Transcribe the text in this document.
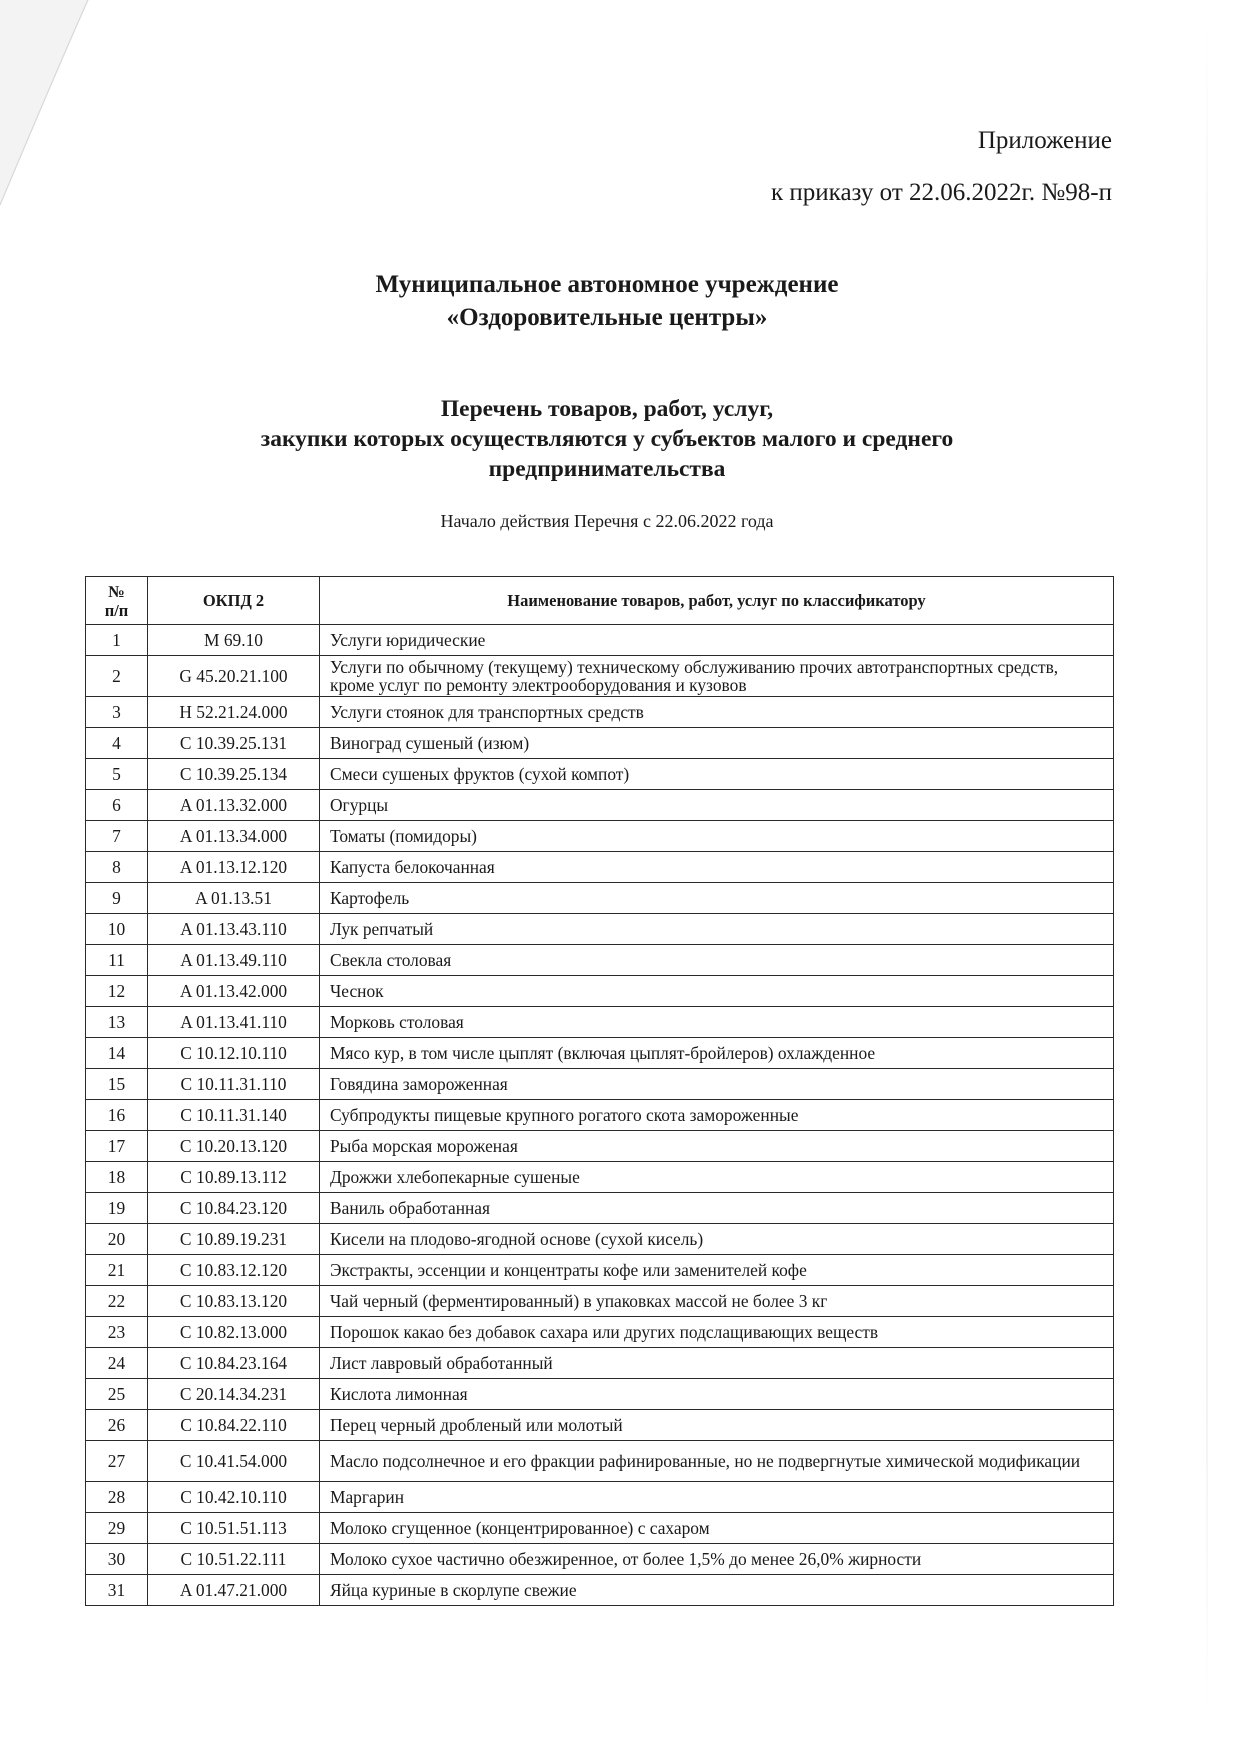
Приложение
к приказу от 22.06.2022г. №98-п
Муниципальное автономное учреждение
«Оздоровительные центры»
Перечень товаров, работ, услуг,
закупки которых осуществляются у субъектов малого и среднего
предпринимательства
Начало действия Перечня с 22.06.2022 года
№
п/п	ОКПД 2	Наименование товаров, работ, услуг по классификатору
1	M 69.10	Услуги юридические
2	G 45.20.21.100	Услуги по обычному (текущему) техническому обслуживанию прочих автотранспортных средств, кроме услуг по ремонту электрооборудования и кузовов
3	H 52.21.24.000	Услуги стоянок для транспортных средств
4	C 10.39.25.131	Виноград сушеный (изюм)
5	C 10.39.25.134	Смеси сушеных фруктов (сухой компот)
6	A 01.13.32.000	Огурцы
7	A 01.13.34.000	Томаты (помидоры)
8	A 01.13.12.120	Капуста белокочанная
9	A 01.13.51	Картофель
10	A 01.13.43.110	Лук репчатый
11	A 01.13.49.110	Свекла столовая
12	A 01.13.42.000	Чеснок
13	A 01.13.41.110	Морковь столовая
14	C 10.12.10.110	Мясо кур, в том числе цыплят (включая цыплят-бройлеров) охлажденное
15	C 10.11.31.110	Говядина замороженная
16	C 10.11.31.140	Субпродукты пищевые крупного рогатого скота замороженные
17	C 10.20.13.120	Рыба морская мороженая
18	C 10.89.13.112	Дрожжи хлебопекарные сушеные
19	C 10.84.23.120	Ваниль обработанная
20	C 10.89.19.231	Кисели на плодово-ягодной основе (сухой кисель)
21	C 10.83.12.120	Экстракты, эссенции и концентраты кофе или заменителей кофе
22	C 10.83.13.120	Чай черный (ферментированный) в упаковках массой не более 3 кг
23	C 10.82.13.000	Порошок какао без добавок сахара или других подслащивающих веществ
24	C 10.84.23.164	Лист лавровый обработанный
25	C 20.14.34.231	Кислота лимонная
26	C 10.84.22.110	Перец черный дробленый или молотый
27	C 10.41.54.000	Масло подсолнечное и его фракции рафинированные, но не подвергнутые химической модификации
28	C 10.42.10.110	Маргарин
29	C 10.51.51.113	Молоко сгущенное (концентрированное) с сахаром
30	C 10.51.22.111	Молоко сухое частично обезжиренное, от более 1,5% до менее 26,0% жирности
31	A 01.47.21.000	Яйца куриные в скорлупе свежие
